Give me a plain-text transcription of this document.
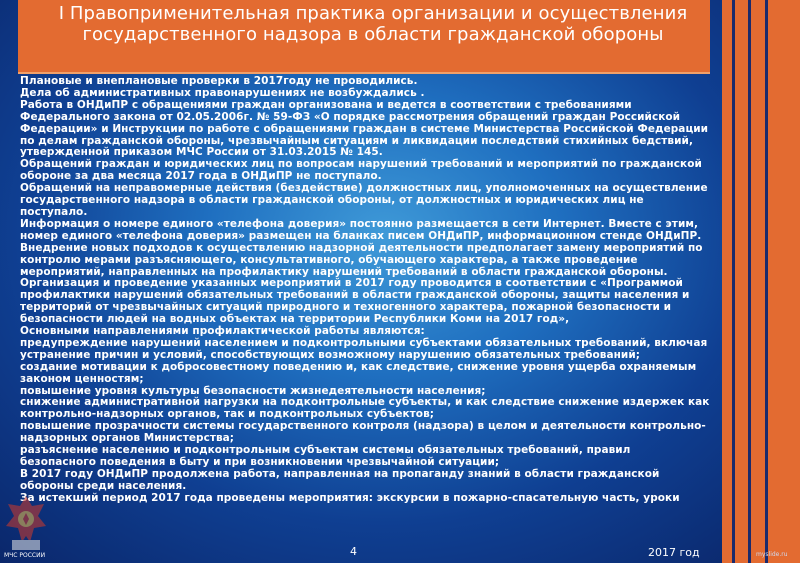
I Правоприменительная практика организации и осуществления государственного надзора в области гражданской обороны

Плановые и внеплановые проверки в 2017году не проводились.

Дела об административных правонарушениях не возбуждались .

Работа в ОНДиПР с обращениями граждан организована и ведется в соответствии с требованиями Федерального закона от 02.05.2006г. № 59-ФЗ «О порядке рассмотрения обращений граждан Российской Федерации» и Инструкции по работе с обращениями граждан в системе Министерства Российской Федерации по делам гражданской обороны, чрезвычайным ситуациям и ликвидации последствий стихийных бедствий, утвержденной приказом МЧС России от 31.03.2015 № 145.

Обращений граждан и юридических лиц по вопросам нарушений требований и мероприятий по гражданской обороне за два месяца 2017 года в ОНДиПР не поступало.

Обращений на неправомерные действия (бездействие) должностных лиц, уполномоченных на осуществление государственного надзора в области гражданской обороны, от должностных и юридических лиц не поступало.

Информация о номере единого «телефона доверия» постоянно размещается в сети Интернет. Вместе с этим, номер единого «телефона доверия» размещен на бланках писем ОНДиПР, информационном стенде ОНДиПР.

Внедрение новых подходов к осуществлению надзорной деятельности предполагает замену мероприятий по контролю мерами разъясняющего, консультативного, обучающего характера, а также проведение мероприятий, направленных на профилактику нарушений требований в области гражданской обороны.

Организация и проведение указанных мероприятий в 2017 году проводится в соответствии с «Программой профилактики нарушений обязательных требований в области гражданской обороны, защиты населения и территорий от чрезвычайных ситуаций природного и техногенного характера, пожарной безопасности и безопасности людей на водных объектах на территории Республики Коми на 2017 год»,

Основными направлениями профилактической работы являются:

предупреждение нарушений населением и подконтрольными субъектами обязательных требований, включая устранение причин и условий, способствующих возможному нарушению обязательных требований;

создание мотивации к добросовестному поведению и, как следствие, снижение уровня ущерба охраняемым законом ценностям;

повышение уровня культуры безопасности жизнедеятельности населения;

снижение административной нагрузки на подконтрольные субъекты, и как следствие снижение издержек как контрольно-надзорных органов, так и подконтрольных субъектов;

повышение прозрачности системы государственного контроля (надзора) в целом и деятельности контрольно-надзорных органов Министерства;

разъяснение населению и подконтрольным субъектам системы обязательных требований, правил безопасного поведения в быту и при возникновении чрезвычайной ситуации;

В 2017 году ОНДиПР продолжена работа, направленная на пропаганду знаний в области гражданской обороны среди населения.

За истекший период 2017 года проведены мероприятия: экскурсии в пожарно-спасательную часть, уроки

МЧС РОССИИ	4	2017 год	myslide.ru
